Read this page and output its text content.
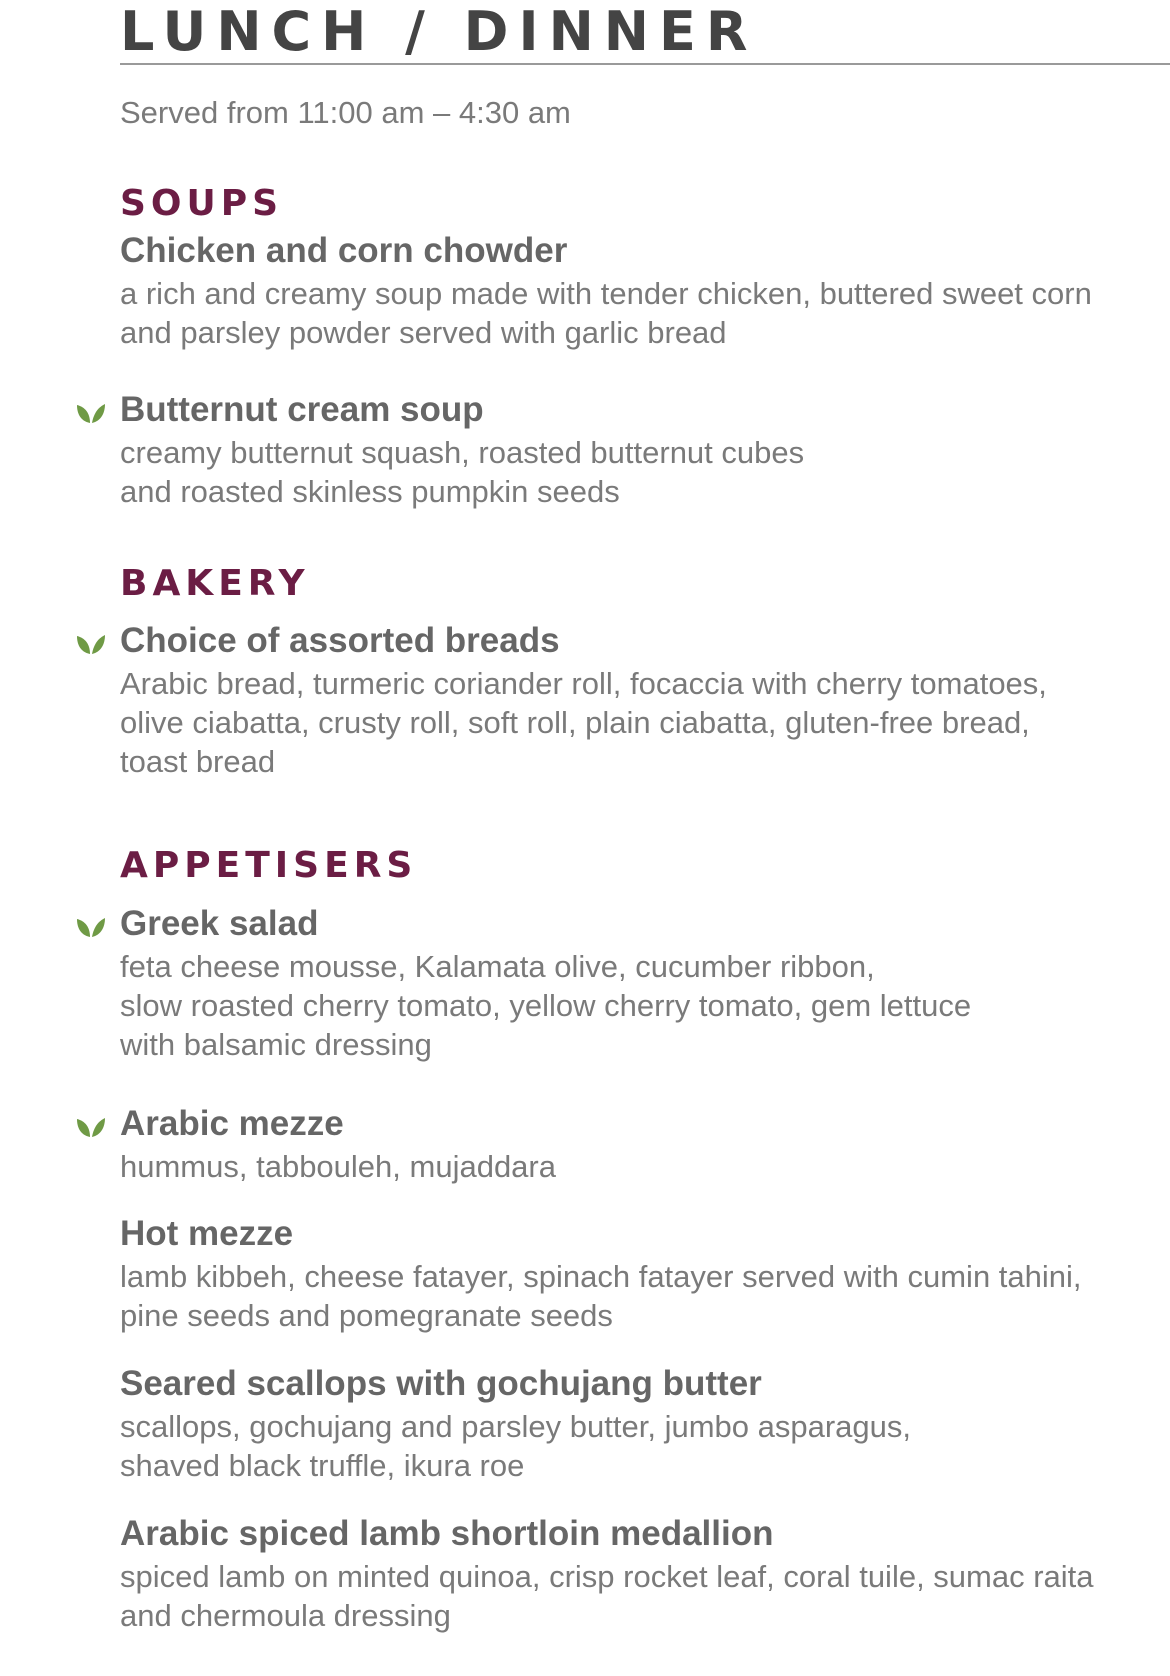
LUNCH / DINNER
Served from 11:00 am – 4:30 am
SOUPS
Chicken and corn chowder
a rich and creamy soup made with tender chicken, buttered sweet corn
and parsley powder served with garlic bread
Butternut cream soup
creamy butternut squash, roasted butternut cubes
and roasted skinless pumpkin seeds
BAKERY
Choice of assorted breads
Arabic bread, turmeric coriander roll, focaccia with cherry tomatoes,
olive ciabatta, crusty roll, soft roll, plain ciabatta, gluten-free bread,
toast bread
APPETISERS
Greek salad
feta cheese mousse, Kalamata olive, cucumber ribbon,
slow roasted cherry tomato, yellow cherry tomato, gem lettuce
with balsamic dressing
Arabic mezze
hummus, tabbouleh, mujaddara
Hot mezze
lamb kibbeh, cheese fatayer, spinach fatayer served with cumin tahini,
pine seeds and pomegranate seeds
Seared scallops with gochujang butter
scallops, gochujang and parsley butter, jumbo asparagus,
shaved black truffle, ikura roe
Arabic spiced lamb shortloin medallion
spiced lamb on minted quinoa, crisp rocket leaf, coral tuile, sumac raita
and chermoula dressing
